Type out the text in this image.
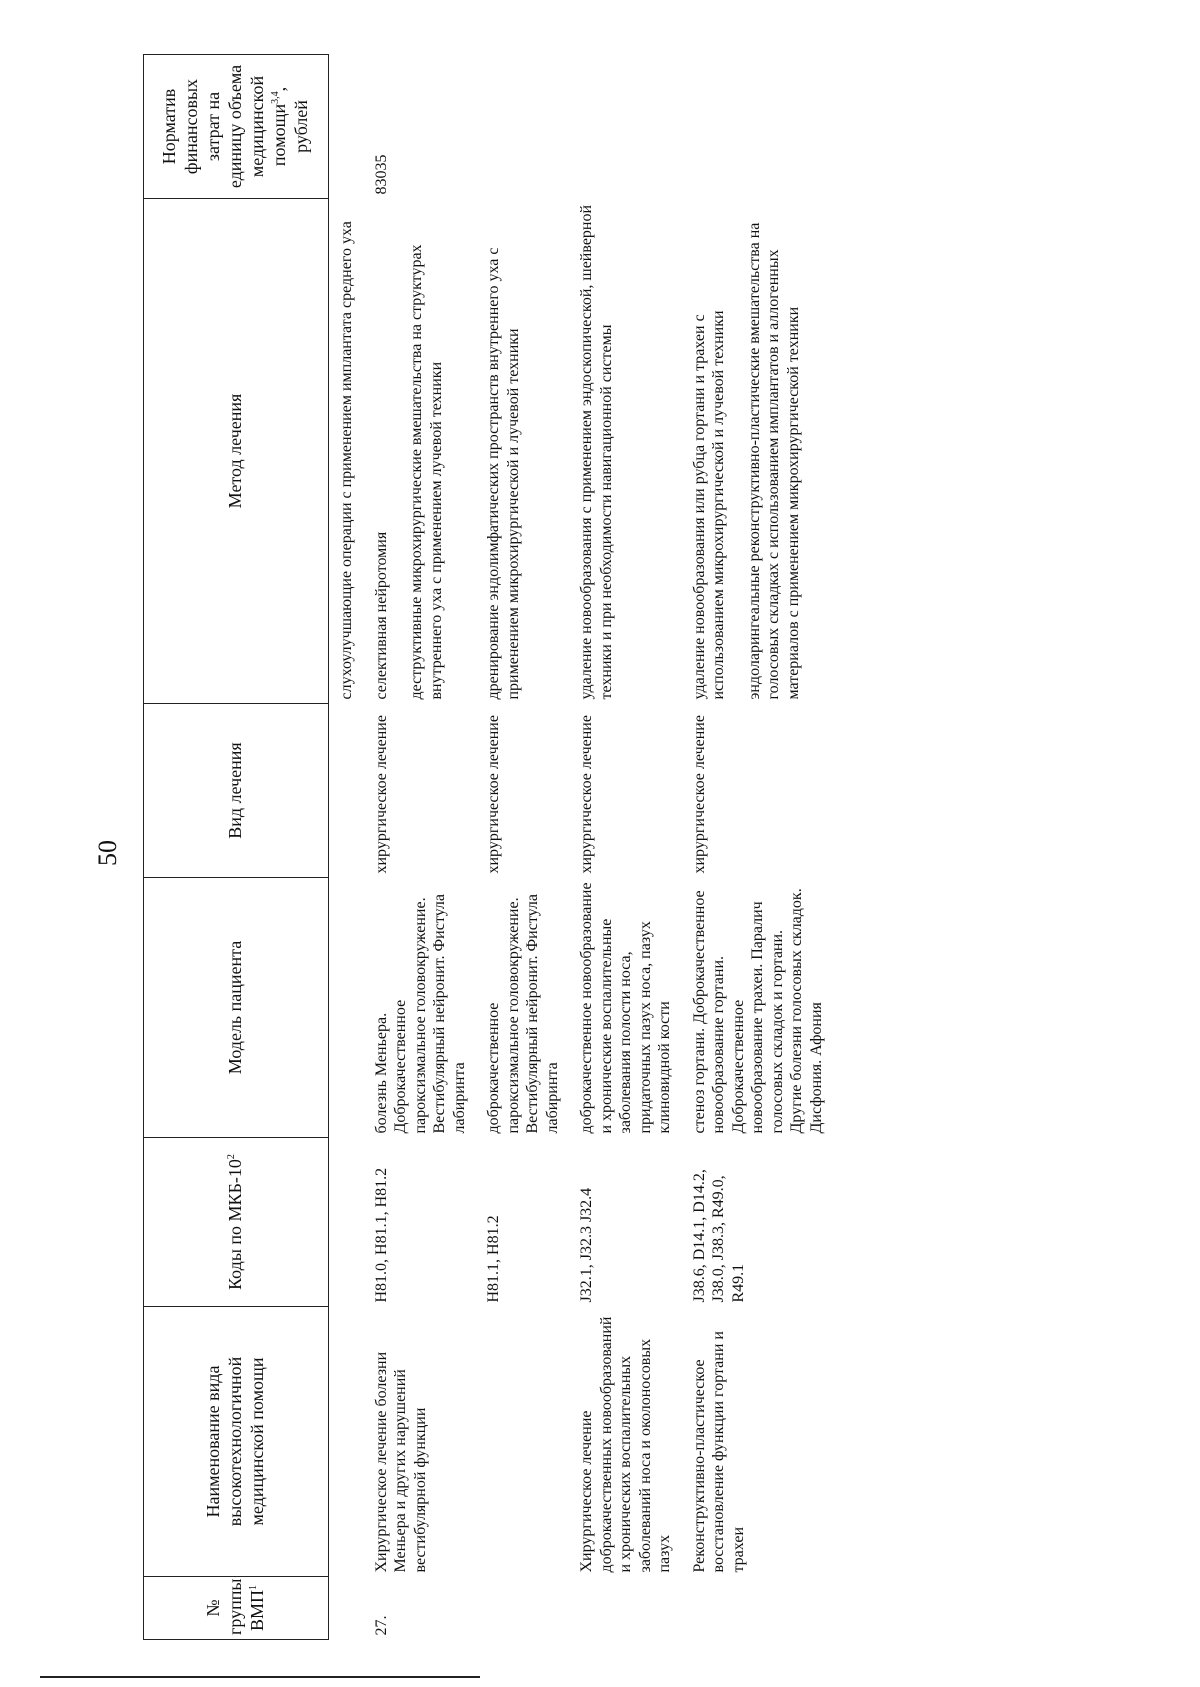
50
№ группы ВМП$^1$	Наименование вида высокотехнологичной медицинской помощи	Коды по МКБ-$10^2$	Модель пациента	Вид лечения	Метод лечения	Норматив финансовых затрат на единицу объема медицинской помощи$^{3,4}$, рублей

					слухоулучшающие операции с применением имплантата среднего уха	

27.	Хирургическое лечение болезни Меньера и других нарушений вестибулярной функции	H81.0, H81.1, H81.2	болезнь Меньера. Доброкачественное пароксизмальное головокружение. Вестибулярный нейронит. Фистула лабиринта	хирургическое лечение	селективная нейротомия деструктивные микрохирургические вмешательства на структурах внутреннего уха с применением лучевой техники	83035
		H81.1, H81.2	доброкачественное пароксизмальное головокружение. Вестибулярный нейронит. Фистула лабиринта	хирургическое лечение	дренирование эндолимфатических пространств внутреннего уха с применением микрохирургической и лучевой техники	

	Хирургическое лечение доброкачественных новообразований и хронических воспалительных заболеваний носа и околоносовых пазух	J32.1, J32.3 J32.4	доброкачественное новообразование и хронические воспалительные заболевания полости носа, придаточных пазух носа, пазух клиновидной кости	хирургическое лечение	удаление новообразования с применением эндоскопической, шейверной техники и при необходимости навигационной системы	

	Реконструктивно-пластическое восстановление функции гортани и трахеи	J38.6, D14.1, D14.2, J38.0, J38.3, R49.0, R49.1	стеноз гортани. Доброкачественное новообразование гортани. Доброкачественное новообразование трахеи. Паралич голосовых складок и гортани. Другие болезни голосовых складок. Дисфония. Афония	хирургическое лечение	удаление новообразования или рубца гортани и трахеи с использованием микрохирургической и лучевой техники эндоларингеальные реконструктивно-пластические вмешательства на голосовых складках с использованием имплантатов и аллогенных материалов с применением микрохирургической техники	
